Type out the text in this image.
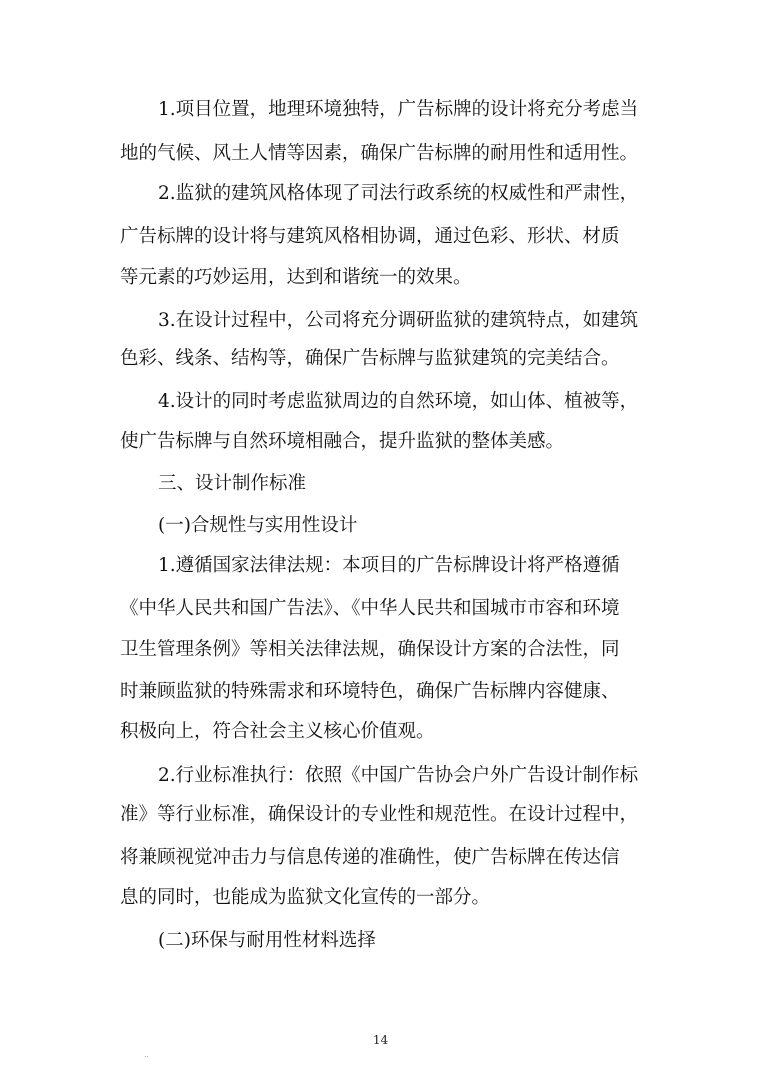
1.项目位置，地理环境独特，广告标牌的设计将充分考虑当
地的气候、风土人情等因素，确保广告标牌的耐用性和适用性。
2.监狱的建筑风格体现了司法行政系统的权威性和严肃性，
广告标牌的设计将与建筑风格相协调，通过色彩、形状、材质
等元素的巧妙运用，达到和谐统一的效果。
3.在设计过程中，公司将充分调研监狱的建筑特点，如建筑
色彩、线条、结构等，确保广告标牌与监狱建筑的完美结合。
4.设计的同时考虑监狱周边的自然环境，如山体、植被等，
使广告标牌与自然环境相融合，提升监狱的整体美感。
三、设计制作标准
(一)合规性与实用性设计
1.遵循国家法律法规：本项目的广告标牌设计将严格遵循
《中华人民共和国广告法》、《中华人民共和国城市市容和环境
卫生管理条例》等相关法律法规，确保设计方案的合法性，同
时兼顾监狱的特殊需求和环境特色，确保广告标牌内容健康、
积极向上，符合社会主义核心价值观。
2.行业标准执行：依照《中国广告协会户外广告设计制作标
准》等行业标准，确保设计的专业性和规范性。在设计过程中，
将兼顾视觉冲击力与信息传递的准确性，使广告标牌在传达信
息的同时，也能成为监狱文化宣传的一部分。
(二)环保与耐用性材料选择
14
..
